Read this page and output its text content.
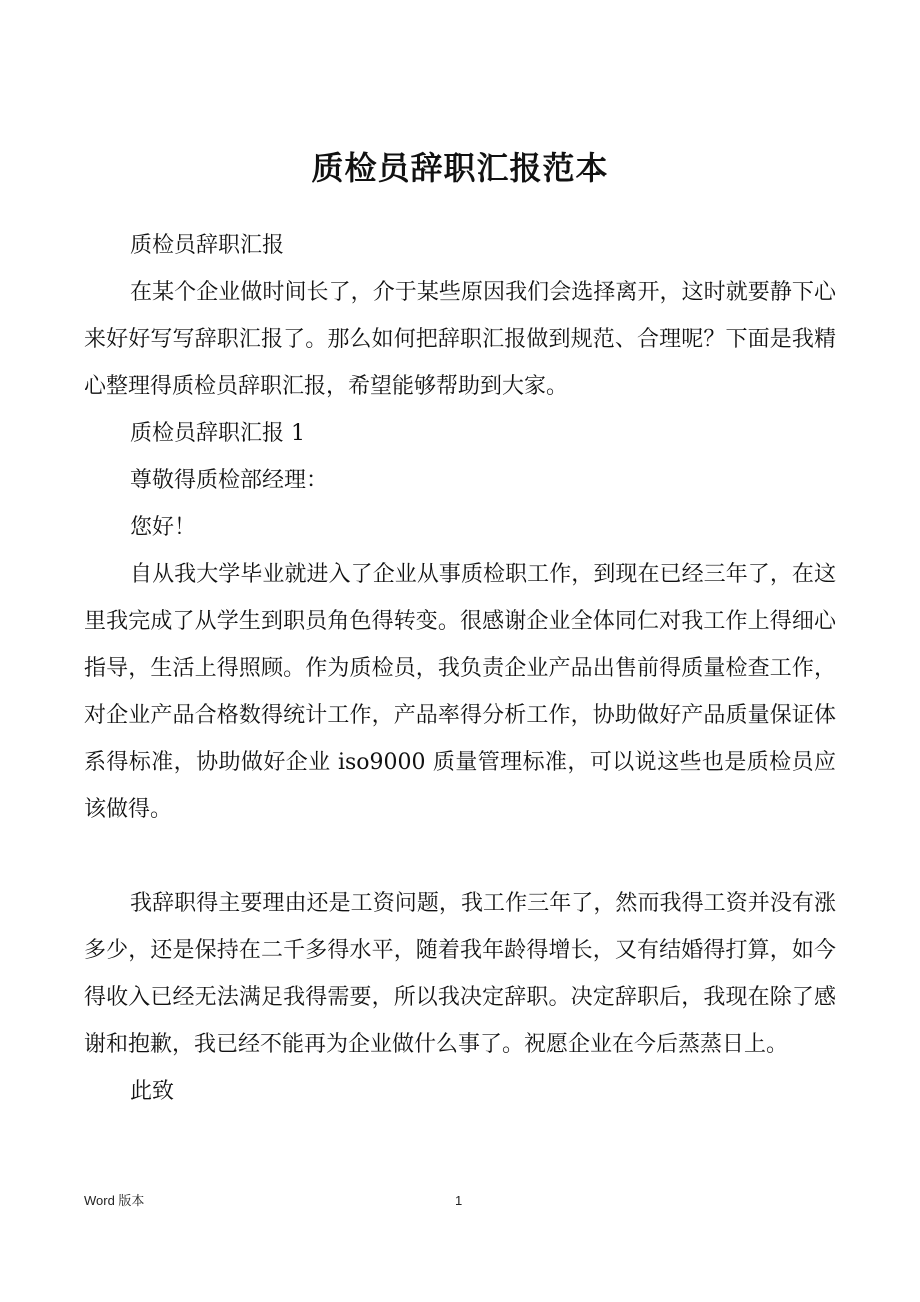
质检员辞职汇报范本

质检员辞职汇报

在某个企业做时间长了，介于某些原因我们会选择离开，这时就要静下心来好好写写辞职汇报了。那么如何把辞职汇报做到规范、合理呢？下面是我精心整理得质检员辞职汇报，希望能够帮助到大家。

质检员辞职汇报 1

尊敬得质检部经理：

您好！

自从我大学毕业就进入了企业从事质检职工作，到现在已经三年了，在这里我完成了从学生到职员角色得转变。很感谢企业全体同仁对我工作上得细心指导，生活上得照顾。作为质检员，我负责企业产品出售前得质量检查工作，对企业产品合格数得统计工作，产品率得分析工作，协助做好产品质量保证体系得标准，协助做好企业 iso9000 质量管理标准，可以说这些也是质检员应该做得。

我辞职得主要理由还是工资问题，我工作三年了，然而我得工资并没有涨多少，还是保持在二千多得水平，随着我年龄得增长，又有结婚得打算，如今得收入已经无法满足我得需要，所以我决定辞职。决定辞职后，我现在除了感谢和抱歉，我已经不能再为企业做什么事了。祝愿企业在今后蒸蒸日上。

此致

Word 版本	1
